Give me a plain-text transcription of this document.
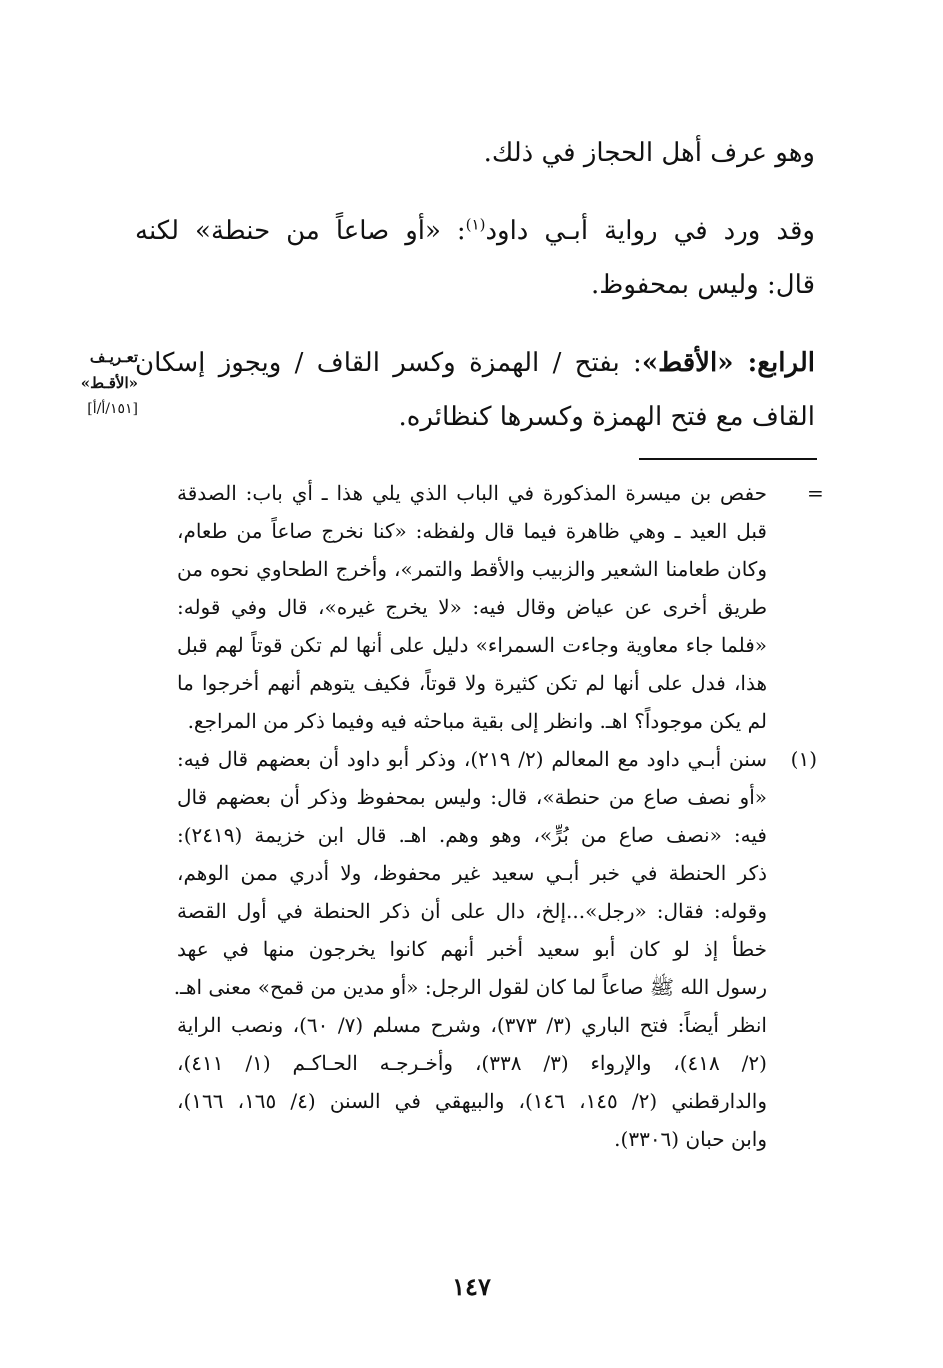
وهو عرف أهل الحجاز في ذلك.
وقد ورد في رواية أبـي داود$^{(١)}$: «أو صاعاً من حنطة» لكنه
قال: وليس بمحفوظ.
الرابع: «الأقط»: بفتح / الهمزة وكسر القاف / ويجوز إسكان
القاف مع فتح الهمزة وكسرها كنظائره.
تعـريـف
«الأقـط»
[١٥١/أ/أ]
=
حفص بن ميسرة المذكورة في الباب الذي يلي هذا ـ أي باب: الصدقة
قبل العيد ـ وهي ظاهرة فيما قال ولفظه: «كنا نخرج صاعاً من طعام،
وكان طعامنا الشعير والزبيب والأقط والتمر»، وأخرج الطحاوي نحوه من
طريق أخرى عن عياض وقال فيه: «لا يخرج غيره»، قال وفي قوله:
«فلما جاء معاوية وجاءت السمراء» دليل على أنها لم تكن قوتاً لهم قبل
هذا، فدل على أنها لم تكن كثيرة ولا قوتاً، فكيف يتوهم أنهم أخرجوا ما
لم يكن موجوداً؟ اهـ. وانظر إلى بقية مباحثه فيه وفيما ذكر من المراجع.
(١)
سنن أبـي داود مع المعالم (٢/ ٢١٩)، وذكر أبو داود أن بعضهم قال فيه:
«أو نصف صاع من حنطة»، قال: وليس بمحفوظ وذكر أن بعضهم قال
فيه: «نصف صاع من بُرٍّ»، وهو وهم. اهـ. قال ابن خزيمة (٢٤١٩):
ذكر الحنطة في خبر أبـي سعيد غير محفوظ، ولا أدري ممن الوهم،
وقوله: فقال: «رجل»...إلخ، دال على أن ذكر الحنطة في أول القصة
خطأ إذ لو كان أبو سعيد أخبر أنهم كانوا يخرجون منها في عهد
رسول الله ﷺ صاعاً لما كان لقول الرجل: «أو مدين من قمح» معنى اهـ.
انظر أيضاً: فتح الباري (٣/ ٣٧٣)، وشرح مسلم (٧/ ٦٠)، ونصب الراية
(٢/ ٤١٨)، والإرواء (٣/ ٣٣٨)، وأخـرجـه الحـاكـم (١/ ٤١١)،
والدارقطني (٢/ ١٤٥، ١٤٦)، والبيهقي في السنن (٤/ ١٦٥، ١٦٦)،
وابن حبان (٣٣٠٦).
١٤٧
